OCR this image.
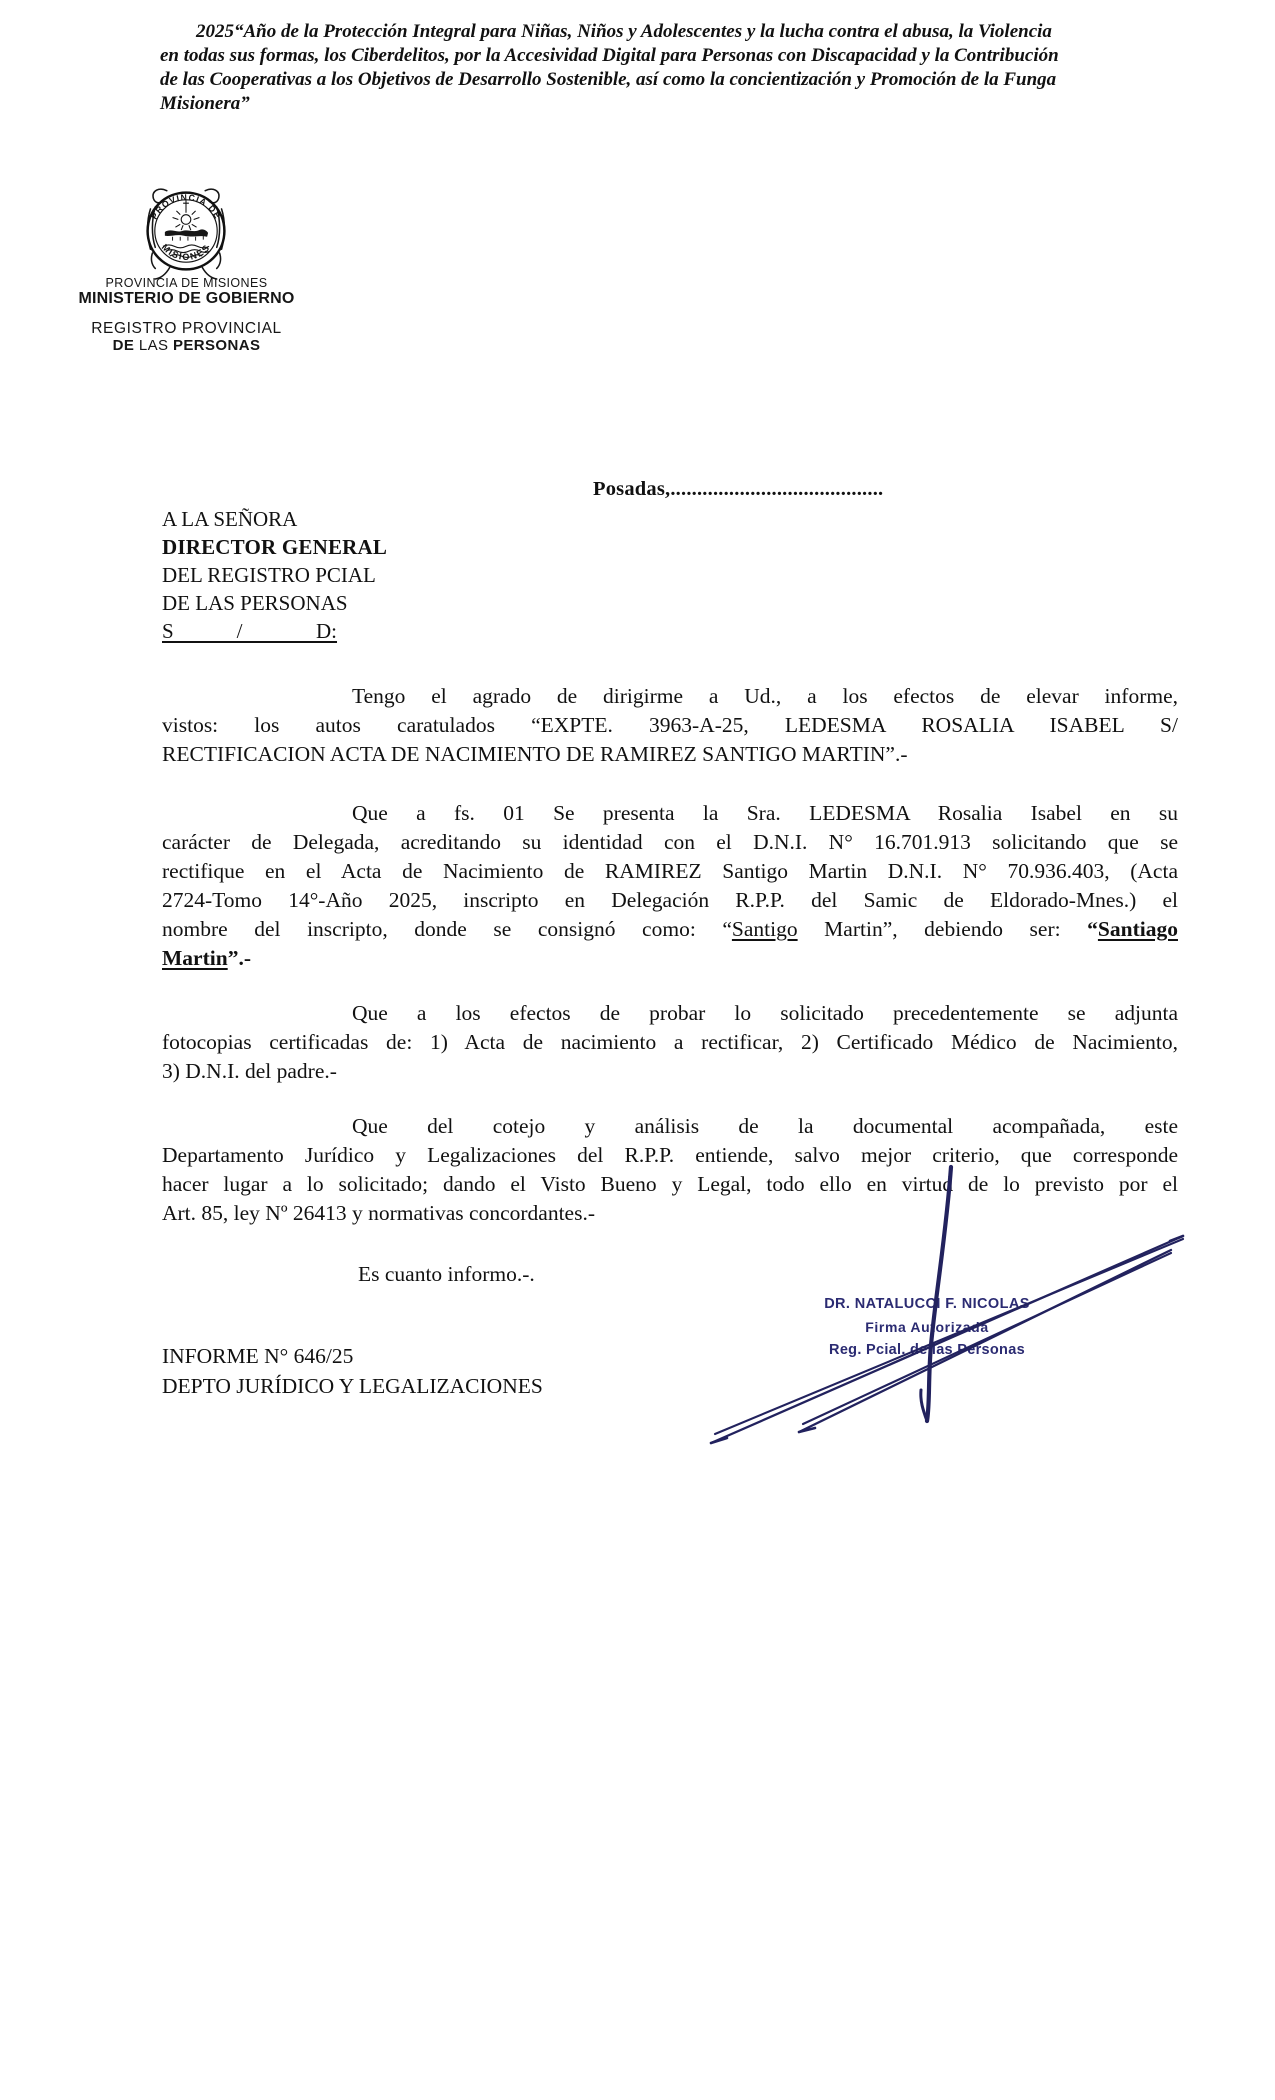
2025“Año de la Protección Integral para Niñas, Niños y Adolescentes y la lucha contra el abusa, la Violencia
en todas sus formas, los Ciberdelitos, por la Accesividad Digital para Personas con Discapacidad y la Contribución
de las Cooperativas a los Objetivos de Desarrollo Sostenible, así como la concientización y Promoción de la Funga
Misionera”
PROVINCIA DE
MISIONES
PROVINCIA DE MISIONES
MINISTERIO DE GOBIERNO
REGISTRO PROVINCIAL
DE LAS PERSONAS
Posadas,........................................
A LA SEÑORA
DIRECTOR GENERAL
DEL REGISTRO PCIAL
DE LAS PERSONAS
S            /              D:
Tengo el agrado de dirigirme a Ud., a los efectos de elevar informe,
vistos: los autos caratulados “EXPTE. 3963-A-25, LEDESMA ROSALIA ISABEL S/
RECTIFICACION ACTA DE NACIMIENTO DE RAMIREZ SANTIGO MARTIN”.-
Que a fs. 01 Se presenta la Sra. LEDESMA Rosalia Isabel en su
carácter de Delegada, acreditando su identidad con el D.N.I. N° 16.701.913 solicitando que se
rectifique en el Acta de Nacimiento de RAMIREZ Santigo Martin D.N.I. N° 70.936.403, (Acta
2724-Tomo 14°-Año 2025, inscripto en Delegación R.P.P. del Samic de Eldorado-Mnes.) el
nombre del inscripto, donde se consignó como: “Santigo Martin”, debiendo ser: “Santiago
Martin”.-
Que a los efectos de probar lo solicitado precedentemente se adjunta
fotocopias certificadas de: 1) Acta de nacimiento a rectificar, 2) Certificado Médico de Nacimiento,
3) D.N.I. del padre.-
Que del cotejo y análisis de la documental acompañada, este
Departamento Jurídico y Legalizaciones del R.P.P. entiende, salvo mejor criterio, que corresponde
hacer lugar a lo solicitado; dando el Visto Bueno y Legal, todo ello en virtud de lo previsto por el
Art. 85, ley Nº 26413 y normativas concordantes.-
Es cuanto informo.-.
INFORME N° 646/25
DEPTO JURÍDICO Y LEGALIZACIONES
DR. NATALUCCI F. NICOLAS
Firma Autorizada
Reg. Pcial. de las Personas
